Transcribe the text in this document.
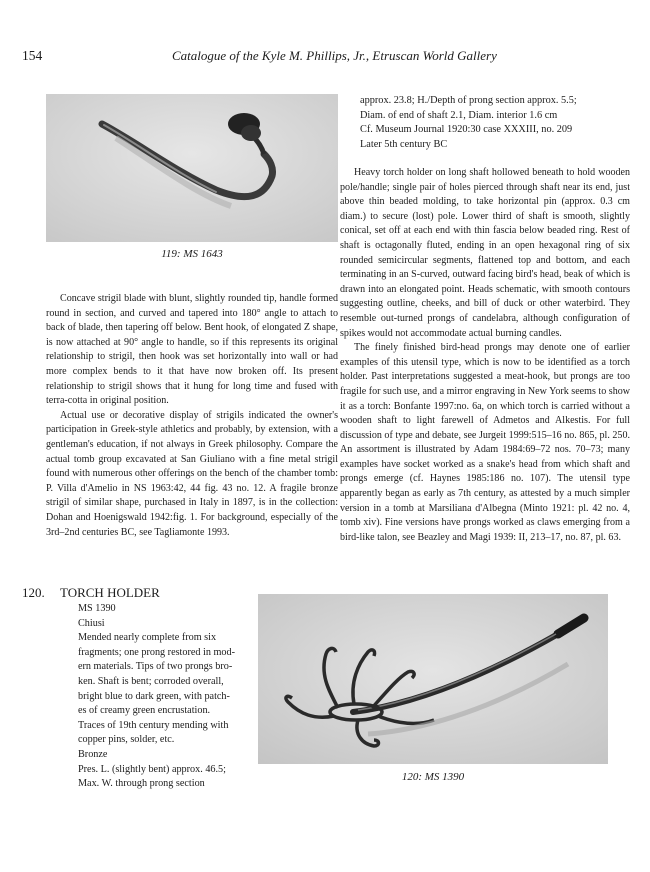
154	Catalogue of the Kyle M. Phillips, Jr., Etruscan World Gallery
119: MS 1643

Concave strigil blade with blunt, slightly rounded tip, handle formed round in section, and curved and tapered into 180° angle to attach to back of blade, then tapering off below. Bent hook, of elongated Z shape, is now attached at 90° angle to handle, so if this represents its original relationship to strigil, then hook was set horizontally into wall or had more complex bends to it that have now broken off. Its present relationship to strigil shows that it hung for long time and fused with terra-cotta in original position.

Actual use or decorative display of strigils indicated the owner's participation in Greek-style athletics and probably, by extension, with a gentleman's education, if not always in Greek philosophy. Compare the actual tomb group excavated at San Giuliano with a fine metal strigil found with numerous other offerings on the bench of the chamber tomb: P. Villa d'Amelio in NS 1963:42, 44 fig. 43 no. 12. A fragile bronze strigil of similar shape, purchased in Italy in 1897, is in the collection: Dohan and Hoenigswald 1942:fig. 1. For background, especially of the 3rd–2nd centuries BC, see Tagliamonte 1993.

approx. 23.8; H./Depth of prong section approx. 5.5;
Diam. of end of shaft 2.1, Diam. interior 1.6 cm
Cf. Museum Journal 1920:30 case XXXIII, no. 209
Later 5th century BC

Heavy torch holder on long shaft hollowed beneath to hold wooden pole/handle; single pair of holes pierced through shaft near its end, just above thin beaded molding, to take horizontal pin (approx. 0.3 cm diam.) to secure (lost) pole. Lower third of shaft is smooth, slightly conical, set off at each end with thin fascia below beaded ring. Rest of shaft is octagonally fluted, ending in an open hexagonal ring of six rounded semicircular segments, flattened top and bottom, and each terminating in an S-curved, outward facing bird's head, beak of which is drawn into an elongated point. Heads schematic, with smooth contours suggesting outline, cheeks, and bill of duck or other waterbird. They resemble out-turned prongs of candelabra, although configuration of spikes would not accommodate actual burning candles.

The finely finished bird-head prongs may denote one of earlier examples of this utensil type, which is now to be identified as a torch holder. Past interpretations suggested a meat-hook, but prongs are too fragile for such use, and a mirror engraving in New York seems to show it as a torch: Bonfante 1997:no. 6a, on which torch is carried without a wooden shaft to light farewell of Admetos and Alkestis. For full discussion of type and debate, see Jurgeit 1999:515–16 no. 865, pl. 250. An assortment is illustrated by Adam 1984:69–72 nos. 70–73; many examples have socket worked as a snake's head from which shaft and prongs emerge (cf. Haynes 1985:186 no. 107). The utensil type apparently began as early as 7th century, as attested by a much simpler version in a tomb at Marsiliana d'Albegna (Minto 1921: pl. 42 no. 4, tomb xiv). Fine versions have prongs worked as claws emerging from a bird-like talon, see Beazley and Magi 1939: II, 213–17, no. 87, pl. 63.

120. TORCH HOLDER
MS 1390
Chiusi
Mended nearly complete from six
fragments; one prong restored in mod-
ern materials. Tips of two prongs bro-
ken. Shaft is bent; corroded overall,
bright blue to dark green, with patch-
es of creamy green encrustation.
Traces of 19th century mending with
copper pins, solder, etc.
Bronze
Pres. L. (slightly bent) approx. 46.5;
Max. W. through prong section
120: MS 1390
